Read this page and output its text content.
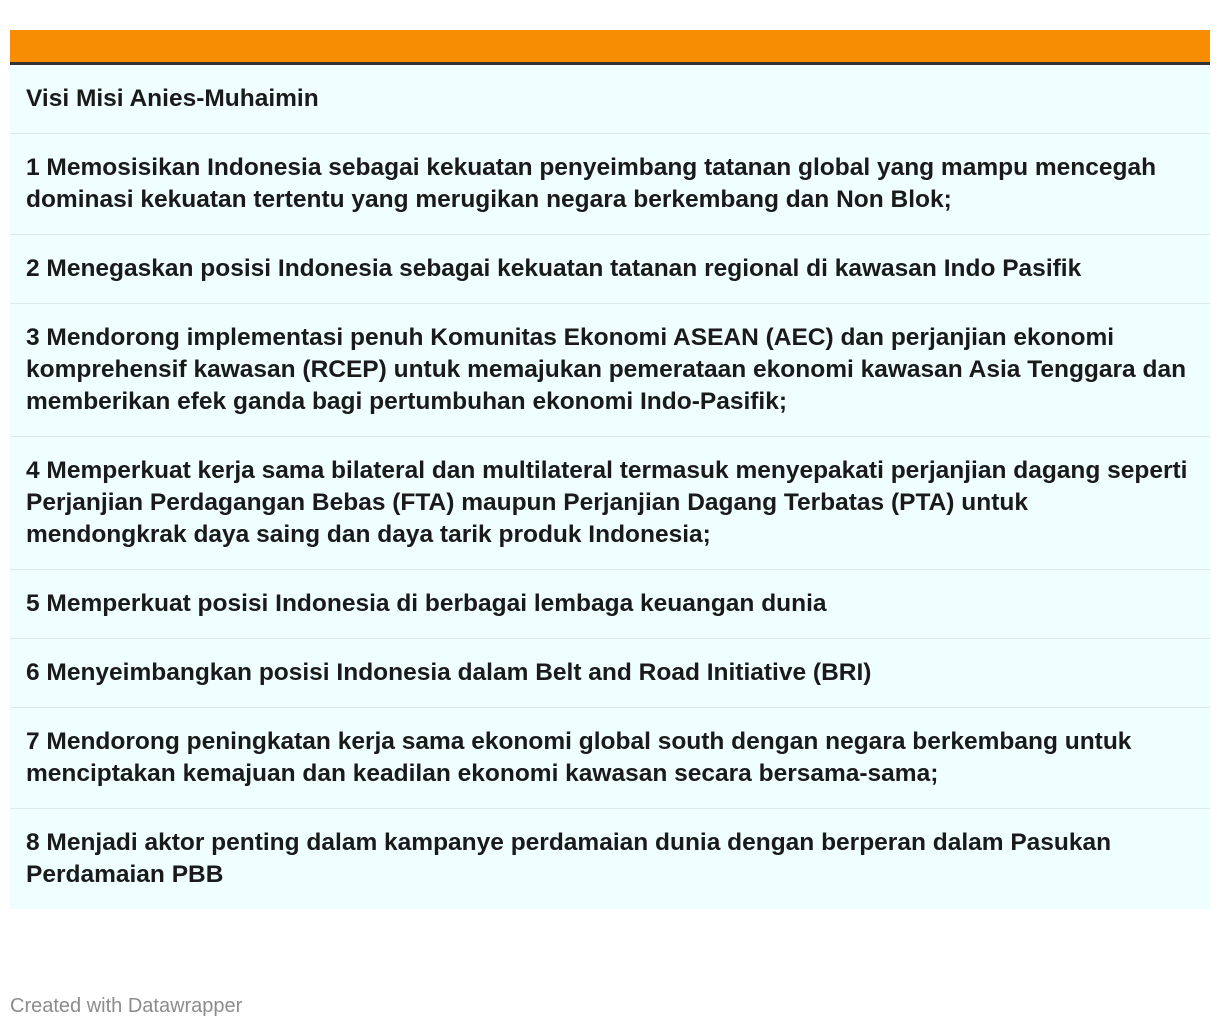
Visi Misi Anies-Muhaimin
1 Memosisikan Indonesia sebagai kekuatan penyeimbang tatanan global yang mampu mencegah dominasi kekuatan tertentu yang merugikan negara berkembang dan Non Blok;
2 Menegaskan posisi Indonesia sebagai kekuatan tatanan regional di kawasan Indo Pasifik
3 Mendorong implementasi penuh Komunitas Ekonomi ASEAN (AEC) dan perjanjian ekonomi komprehensif kawasan (RCEP) untuk memajukan pemerataan ekonomi kawasan Asia Tenggara dan memberikan efek ganda bagi pertumbuhan ekonomi Indo-Pasifik;
4 Memperkuat kerja sama bilateral dan multilateral termasuk menyepakati perjanjian dagang seperti Perjanjian Perdagangan Bebas (FTA) maupun Perjanjian Dagang Terbatas (PTA) untuk mendongkrak daya saing dan daya tarik produk Indonesia;
5 Memperkuat posisi Indonesia di berbagai lembaga keuangan dunia
6 Menyeimbangkan posisi Indonesia dalam Belt and Road Initiative (BRI)
7 Mendorong peningkatan kerja sama ekonomi global south dengan negara berkembang untuk menciptakan kemajuan dan keadilan ekonomi kawasan secara bersama-sama;
8 Menjadi aktor penting dalam kampanye perdamaian dunia dengan berperan dalam Pasukan Perdamaian PBB
Created with Datawrapper
